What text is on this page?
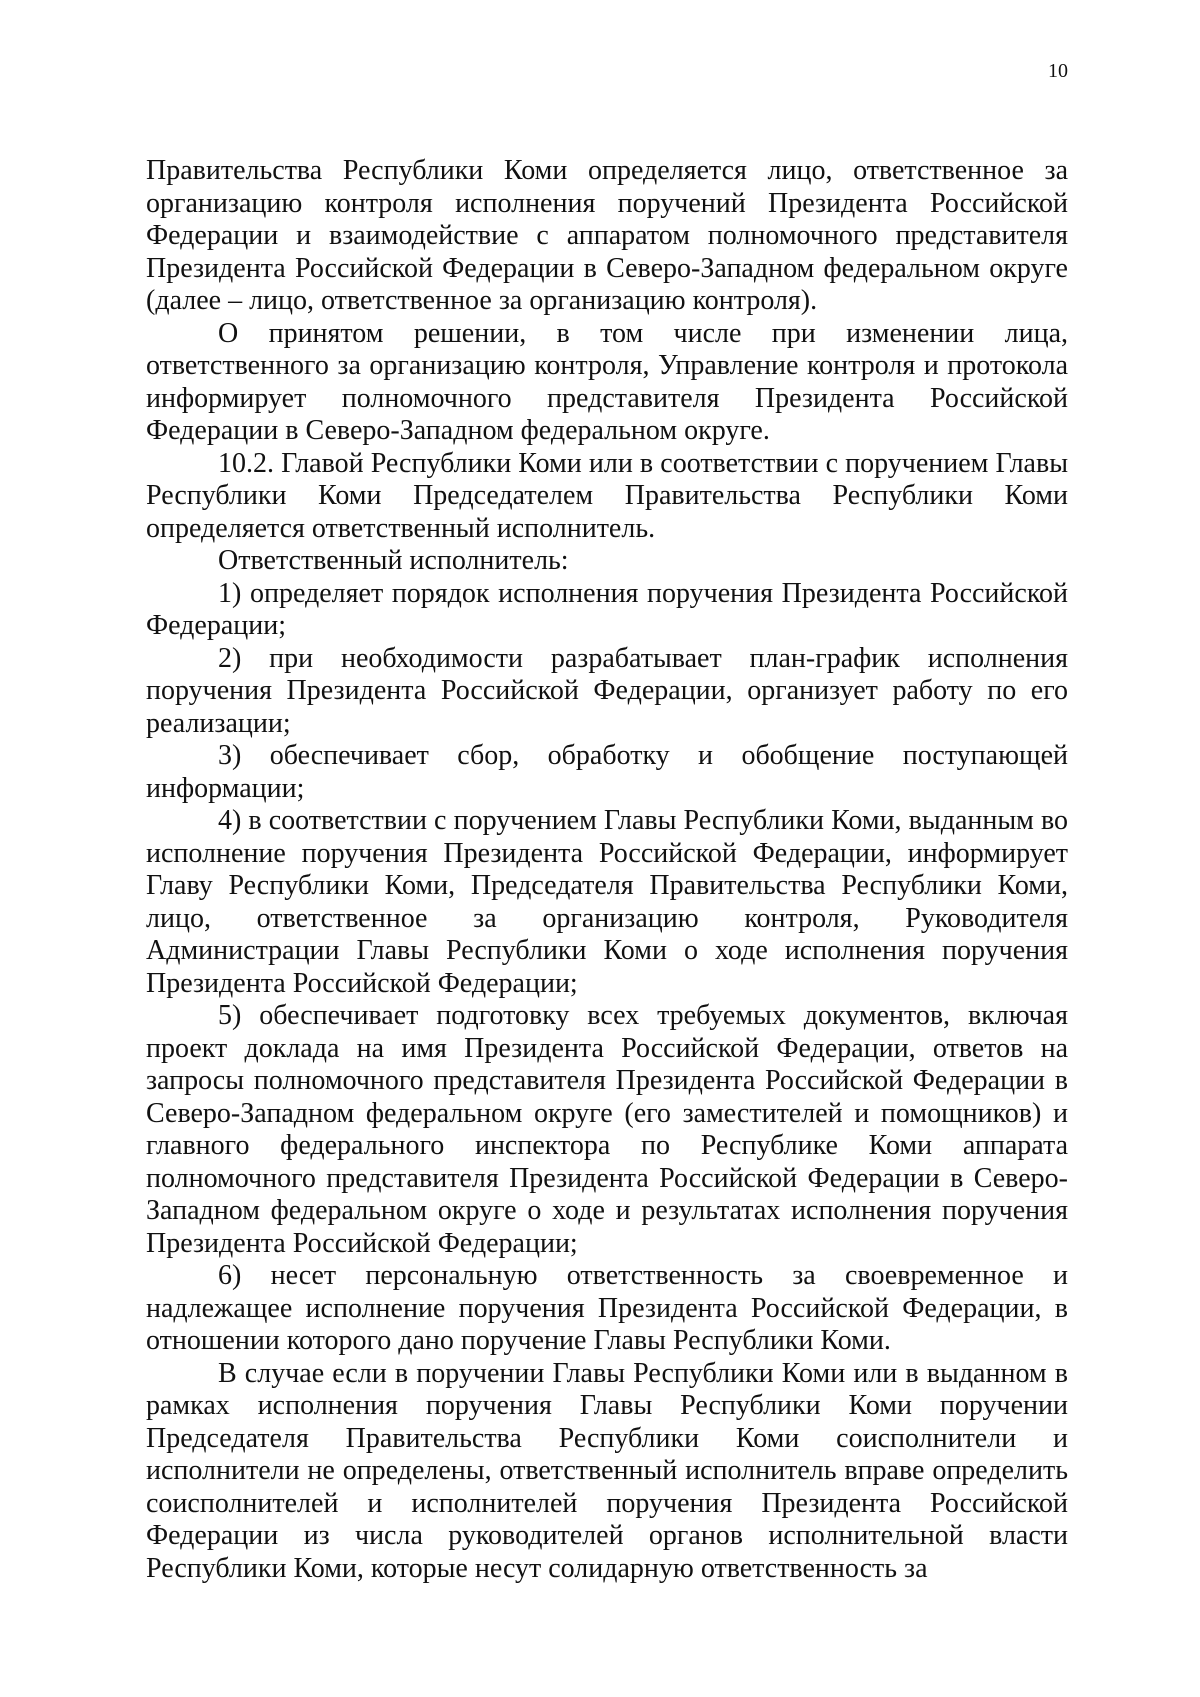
10

Правительства Республики Коми определяется лицо, ответственное за организацию контроля исполнения поручений Президента Российской Федерации и взаимодействие с аппаратом полномочного представителя Президента Российской Федерации в Северо-Западном федеральном округе (далее – лицо, ответственное за организацию контроля).

О принятом решении, в том числе при изменении лица, ответственного за организацию контроля, Управление контроля и протокола информирует полномочного представителя Президента Российской Федерации в Северо-Западном федеральном округе.

10.2. Главой Республики Коми или в соответствии с поручением Главы Республики Коми Председателем Правительства Республики Коми определяется ответственный исполнитель.

Ответственный исполнитель:

1) определяет порядок исполнения поручения Президента Российской Федерации;

2) при необходимости разрабатывает план-график исполнения поручения Президента Российской Федерации, организует работу по его реализации;

3) обеспечивает сбор, обработку и обобщение поступающей информации;

4) в соответствии с поручением Главы Республики Коми, выданным во исполнение поручения Президента Российской Федерации, информирует Главу Республики Коми, Председателя Правительства Республики Коми, лицо, ответственное за организацию контроля, Руководителя Администрации Главы Республики Коми о ходе исполнения поручения Президента Российской Федерации;

5) обеспечивает подготовку всех требуемых документов, включая проект доклада на имя Президента Российской Федерации, ответов на запросы полномочного представителя Президента Российской Федерации в Северо-Западном федеральном округе (его заместителей и помощников) и главного федерального инспектора по Республике Коми аппарата полномочного представителя Президента Российской Федерации в Северо-Западном федеральном округе о ходе и результатах исполнения поручения Президента Российской Федерации;

6) несет персональную ответственность за своевременное и надлежащее исполнение поручения Президента Российской Федерации, в отношении которого дано поручение Главы Республики Коми.

В случае если в поручении Главы Республики Коми или в выданном в рамках исполнения поручения Главы Республики Коми поручении Председателя Правительства Республики Коми соисполнители и исполнители не определены, ответственный исполнитель вправе определить соисполнителей и исполнителей поручения Президента Российской Федерации из числа руководителей органов исполнительной власти Республики Коми, которые несут солидарную ответственность за
